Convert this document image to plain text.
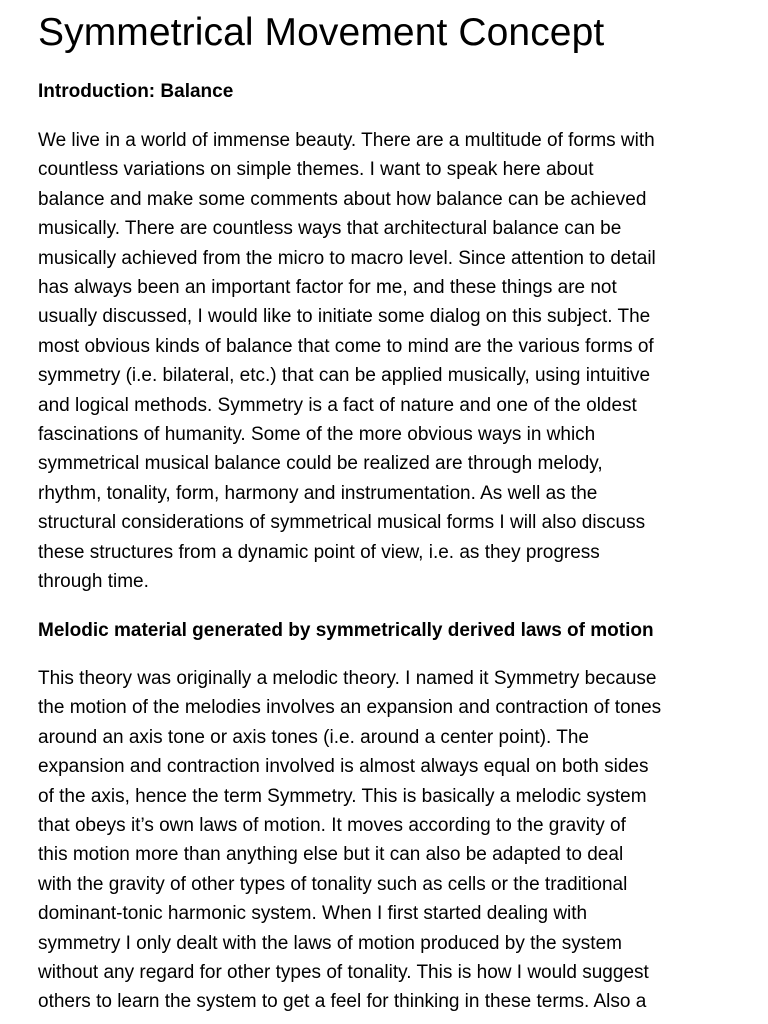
Symmetrical Movement Concept
Introduction: Balance

We live in a world of immense beauty. There are a multitude of forms with
countless variations on simple themes. I want to speak here about
balance and make some comments about how balance can be achieved
musically. There are countless ways that architectural balance can be
musically achieved from the micro to macro level. Since attention to detail
has always been an important factor for me, and these things are not
usually discussed, I would like to initiate some dialog on this subject. The
most obvious kinds of balance that come to mind are the various forms of
symmetry (i.e. bilateral, etc.) that can be applied musically, using intuitive
and logical methods. Symmetry is a fact of nature and one of the oldest
fascinations of humanity. Some of the more obvious ways in which
symmetrical musical balance could be realized are through melody,
rhythm, tonality, form, harmony and instrumentation. As well as the
structural considerations of symmetrical musical forms I will also discuss
these structures from a dynamic point of view, i.e. as they progress
through time.

Melodic material generated by symmetrically derived laws of motion

This theory was originally a melodic theory. I named it Symmetry because
the motion of the melodies involves an expansion and contraction of tones
around an axis tone or axis tones (i.e. around a center point). The
expansion and contraction involved is almost always equal on both sides
of the axis, hence the term Symmetry. This is basically a melodic system
that obeys it’s own laws of motion. It moves according to the gravity of
this motion more than anything else but it can also be adapted to deal
with the gravity of other types of tonality such as cells or the traditional
dominant-tonic harmonic system. When I first started dealing with
symmetry I only dealt with the laws of motion produced by the system
without any regard for other types of tonality. This is how I would suggest
others to learn the system to get a feel for thinking in these terms. Also a
